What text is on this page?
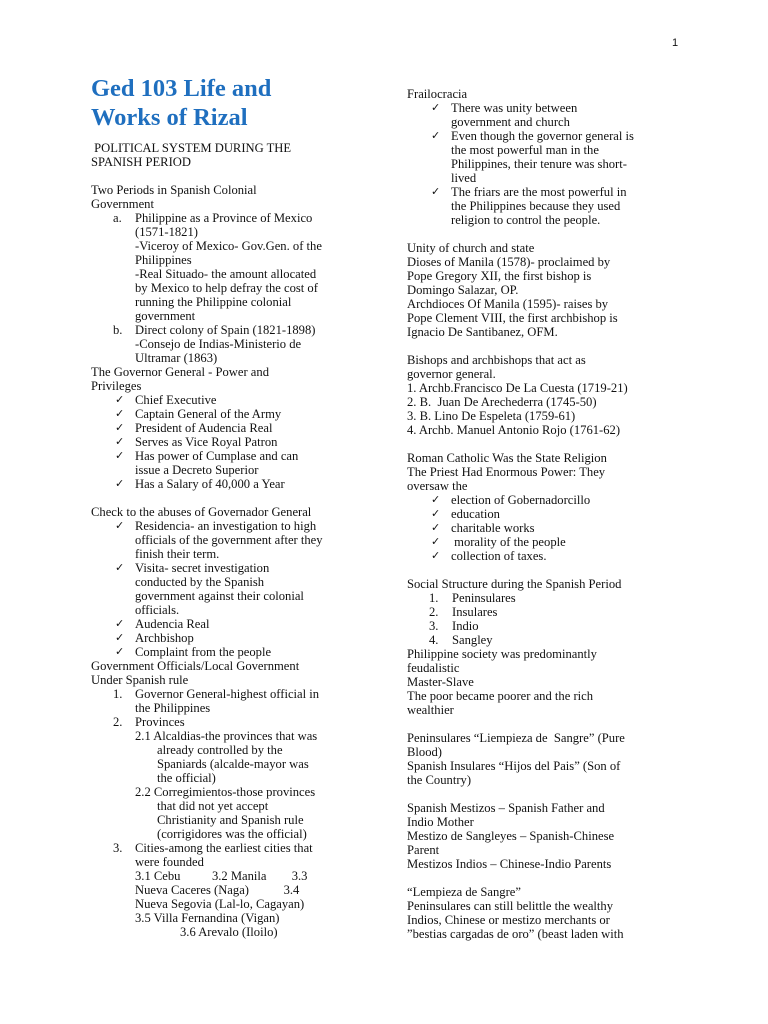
1
Ged 103 Life and
Works of Rizal
POLITICAL SYSTEM DURING THE
SPANISH PERIOD
Two Periods in Spanish Colonial
Government
a. Philippine as a Province of Mexico
(1571-1821)
-Viceroy of Mexico- Gov.Gen. of the
Philippines
-Real Situado- the amount allocated
by Mexico to help defray the cost of
running the Philippine colonial
government
b. Direct colony of Spain (1821-1898)
-Consejo de Indias-Ministerio de
Ultramar (1863)
The Governor General - Power and
Privileges
✓ Chief Executive
✓ Captain General of the Army
✓ President of Audencia Real
✓ Serves as Vice Royal Patron
✓ Has power of Cumplase and can
issue a Decreto Superior
✓ Has a Salary of 40,000 a Year
Check to the abuses of Governador General
✓ Residencia- an investigation to high
officials of the government after they
finish their term.
✓ Visita- secret investigation
conducted by the Spanish
government against their colonial
officials.
✓ Audencia Real
✓ Archbishop
✓ Complaint from the people
Government Officials/Local Government
Under Spanish rule
1. Governor General-highest official in
the Philippines
2. Provinces
2.1 Alcaldias-the provinces that was
already controlled by the
Spaniards (alcalde-mayor was
the official)
2.2 Corregimientos-those provinces
that did not yet accept
Christianity and Spanish rule
(corrigidores was the official)
3. Cities-among the earliest cities that
were founded
3.1 Cebu          3.2 Manila        3.3
Nueva Caceres (Naga)           3.4
Nueva Segovia (Lal-lo, Cagayan)
3.5 Villa Fernandina (Vigan)
3.6 Arevalo (Iloilo)
Frailocracia
✓ There was unity between
government and church
✓ Even though the governor general is
the most powerful man in the
Philippines, their tenure was short-
lived
✓ The friars are the most powerful in
the Philippines because they used
religion to control the people.
Unity of church and state
Dioses of Manila (1578)- proclaimed by
Pope Gregory XII, the first bishop is
Domingo Salazar, OP.
Archdioces Of Manila (1595)- raises by
Pope Clement VIII, the first archbishop is
Ignacio De Santibanez, OFM.
Bishops and archbishops that act as
governor general.
1. Archb.Francisco De La Cuesta (1719-21)
2. B.  Juan De Arechederra (1745-50)
3. B. Lino De Espeleta (1759-61)
4. Archb. Manuel Antonio Rojo (1761-62)
Roman Catholic Was the State Religion
The Priest Had Enormous Power: They
oversaw the
✓ election of Gobernadorcillo
✓ education
✓ charitable works
✓  morality of the people
✓ collection of taxes.
Social Structure during the Spanish Period
1. Peninsulares
2. Insulares
3. Indio
4. Sangley
Philippine society was predominantly
feudalistic
Master-Slave
The poor became poorer and the rich
wealthier
Peninsulares “Liempieza de  Sangre” (Pure
Blood)
Spanish Insulares “Hijos del Pais” (Son of
the Country)
Spanish Mestizos – Spanish Father and
Indio Mother
Mestizo de Sangleyes – Spanish-Chinese
Parent
Mestizos Indios – Chinese-Indio Parents
“Lempieza de Sangre”
Peninsulares can still belittle the wealthy
Indios, Chinese or mestizo merchants or
”bestias cargadas de oro” (beast laden with
